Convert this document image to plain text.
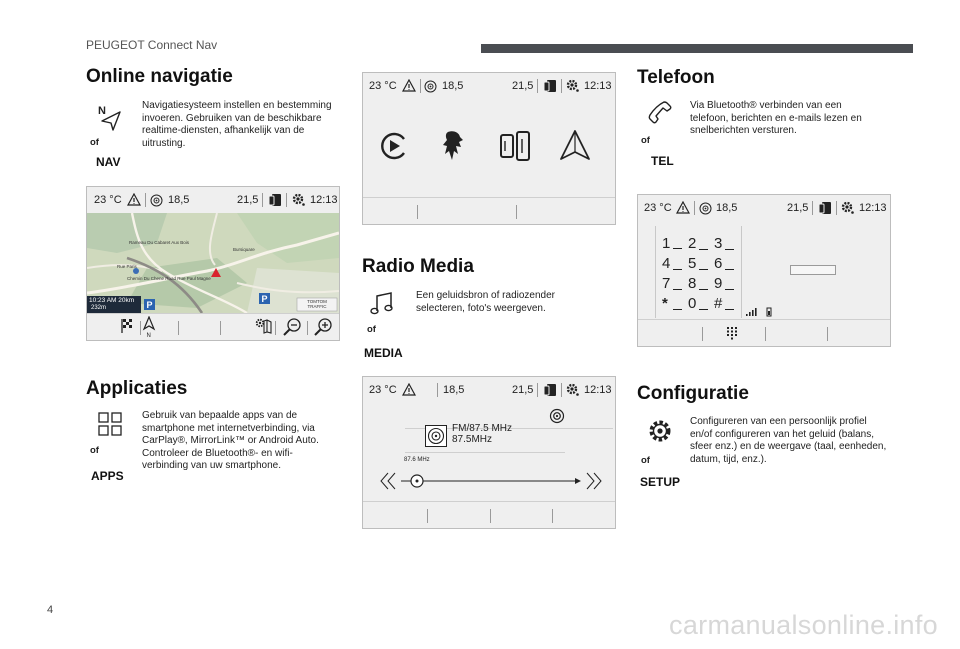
PEUGEOT Connect Nav
Online navigatie
N
of
NAV
Navigatiesysteem instellen en bestemming invoeren. Gebruiken van de beschikbare realtime-diensten, afhankelijk van de uitrusting.
23 °C	18,5	21,5	12:13
P
P
Rameau Du Cabaret Aux Bois
Bursiquare
Rue Paris
Chemin Du Chene Road Rue Paul Magne
10:23 AM 20km
232m
TOMTOM TRAFFIC
N
Applicaties
of
APPS
Gebruik van bepaalde apps van de
smartphone met internetverbinding, via
CarPlay®, MirrorLink™ or Android Auto.
Controleer de Bluetooth®- en wifi-
verbinding van uw smartphone.
23 °C	18,5	21,5	12:13
Radio Media
of
MEDIA
Een geluidsbron of radiozender selecteren, foto's weergeven.
23 °C	18,5	21,5	12:13
FM/87.5 MHz
87.5MHz
87.6 MHz
Telefoon
of
TEL
Via Bluetooth® verbinden van een telefoon, berichten en e-mails lezen en snelberichten versturen.
23 °C	18,5	21,5	12:13
1	2	3
4	5	6
7	8	9
*	0	#
Configuratie
of
SETUP
Configureren van een persoonlijk profiel en/of configureren van het geluid (balans, sfeer enz.) en de weergave (taal, eenheden, datum, tijd, enz.).
4	carmanualsonline.info
